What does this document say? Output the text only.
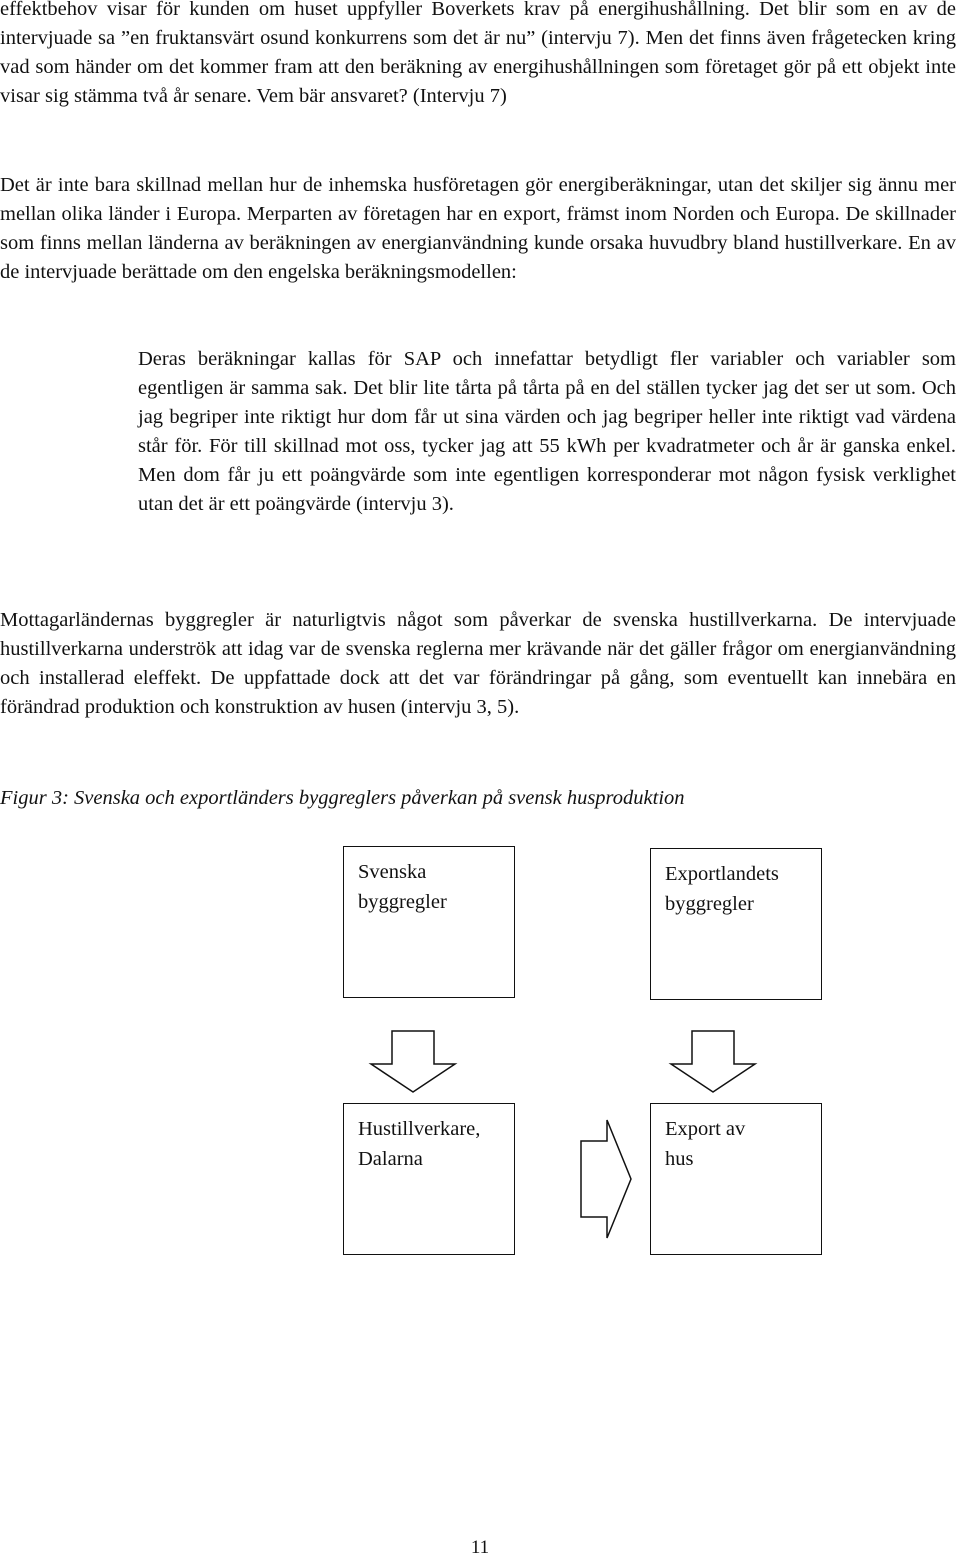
effektbehov visar för kunden om huset uppfyller Boverkets krav på energihushållning. Det blir som en av de intervjuade sa ”en fruktansvärt osund konkurrens som det är nu” (intervju 7). Men det finns även frågetecken kring vad som händer om det kommer fram att den beräkning av energihushållningen som företaget gör på ett objekt inte visar sig stämma två år senare. Vem bär ansvaret? (Intervju 7)

Det är inte bara skillnad mellan hur de inhemska husföretagen gör energiberäkningar, utan det skiljer sig ännu mer mellan olika länder i Europa. Merparten av företagen har en export, främst inom Norden och Europa. De skillnader som finns mellan länderna av beräkningen av energianvändning kunde orsaka huvudbry bland hustillverkare. En av de intervjuade berättade om den engelska beräkningsmodellen:

Deras beräkningar kallas för SAP och innefattar betydligt fler variabler och variabler som egentligen är samma sak. Det blir lite tårta på tårta på en del ställen tycker jag det ser ut som. Och jag begriper inte riktigt hur dom får ut sina värden och jag begriper heller inte riktigt vad värdena står för. För till skillnad mot oss, tycker jag att 55 kWh per kvadratmeter och år är ganska enkel. Men dom får ju ett poängvärde som inte egentligen korresponderar mot någon fysisk verklighet utan det är ett poängvärde (intervju 3).

Mottagarländernas byggregler är naturligtvis något som påverkar de svenska hustillverkarna. De intervjuade hustillverkarna underströk att idag var de svenska reglerna mer krävande när det gäller frågor om energianvändning och installerad eleffekt. De uppfattade dock att det var förändringar på gång, som eventuellt kan innebära en förändrad produktion och konstruktion av husen (intervju 3, 5).

Figur 3: Svenska och exportländers byggreglers påverkan på svensk husproduktion

Svenska
byggregler
Exportlandets
byggregler
Hustillverkare,
Dalarna
Export av
hus

11
